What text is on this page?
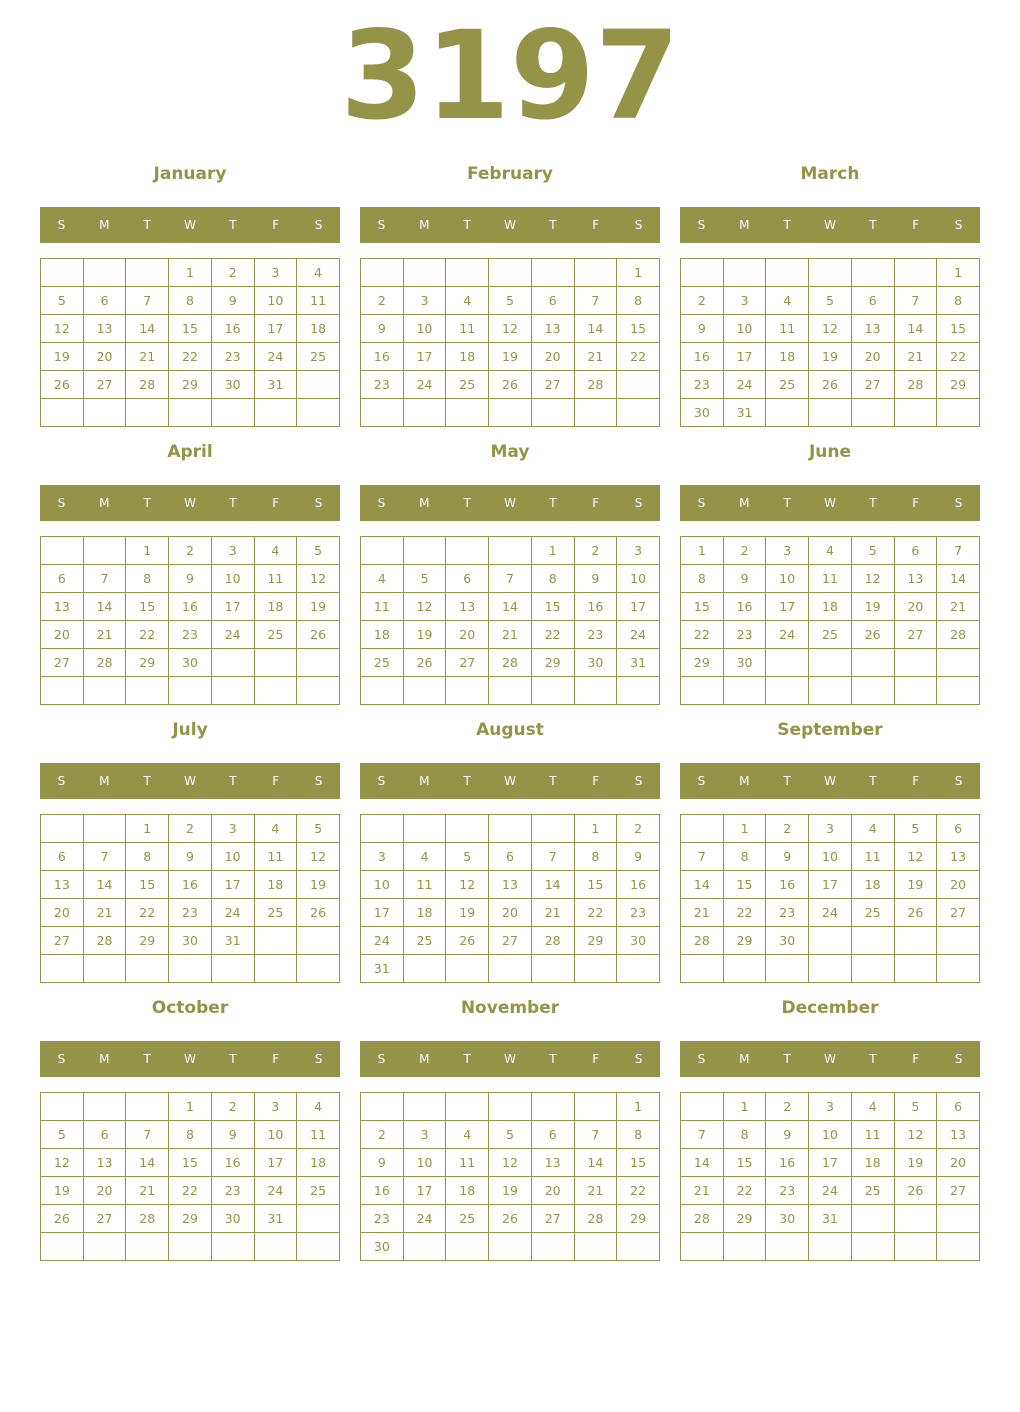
3197
January
S	M	T	W	T	F	S
			1	2	3	4
5	6	7	8	9	10	11
12	13	14	15	16	17	18
19	20	21	22	23	24	25
26	27	28	29	30	31	

February
S	M	T	W	T	F	S
						1
2	3	4	5	6	7	8
9	10	11	12	13	14	15
16	17	18	19	20	21	22
23	24	25	26	27	28	

March
S	M	T	W	T	F	S
						1
2	3	4	5	6	7	8
9	10	11	12	13	14	15
16	17	18	19	20	21	22
23	24	25	26	27	28	29
30	31					
April
S	M	T	W	T	F	S
		1	2	3	4	5
6	7	8	9	10	11	12
13	14	15	16	17	18	19
20	21	22	23	24	25	26
27	28	29	30			

May
S	M	T	W	T	F	S
				1	2	3
4	5	6	7	8	9	10
11	12	13	14	15	16	17
18	19	20	21	22	23	24
25	26	27	28	29	30	31

June
S	M	T	W	T	F	S
1	2	3	4	5	6	7
8	9	10	11	12	13	14
15	16	17	18	19	20	21
22	23	24	25	26	27	28
29	30					

July
S	M	T	W	T	F	S
		1	2	3	4	5
6	7	8	9	10	11	12
13	14	15	16	17	18	19
20	21	22	23	24	25	26
27	28	29	30	31		

August
S	M	T	W	T	F	S
					1	2
3	4	5	6	7	8	9
10	11	12	13	14	15	16
17	18	19	20	21	22	23
24	25	26	27	28	29	30
31						
September
S	M	T	W	T	F	S
	1	2	3	4	5	6
7	8	9	10	11	12	13
14	15	16	17	18	19	20
21	22	23	24	25	26	27
28	29	30				

October
S	M	T	W	T	F	S
			1	2	3	4
5	6	7	8	9	10	11
12	13	14	15	16	17	18
19	20	21	22	23	24	25
26	27	28	29	30	31	

November
S	M	T	W	T	F	S
						1
2	3	4	5	6	7	8
9	10	11	12	13	14	15
16	17	18	19	20	21	22
23	24	25	26	27	28	29
30						
December
S	M	T	W	T	F	S
	1	2	3	4	5	6
7	8	9	10	11	12	13
14	15	16	17	18	19	20
21	22	23	24	25	26	27
28	29	30	31			
